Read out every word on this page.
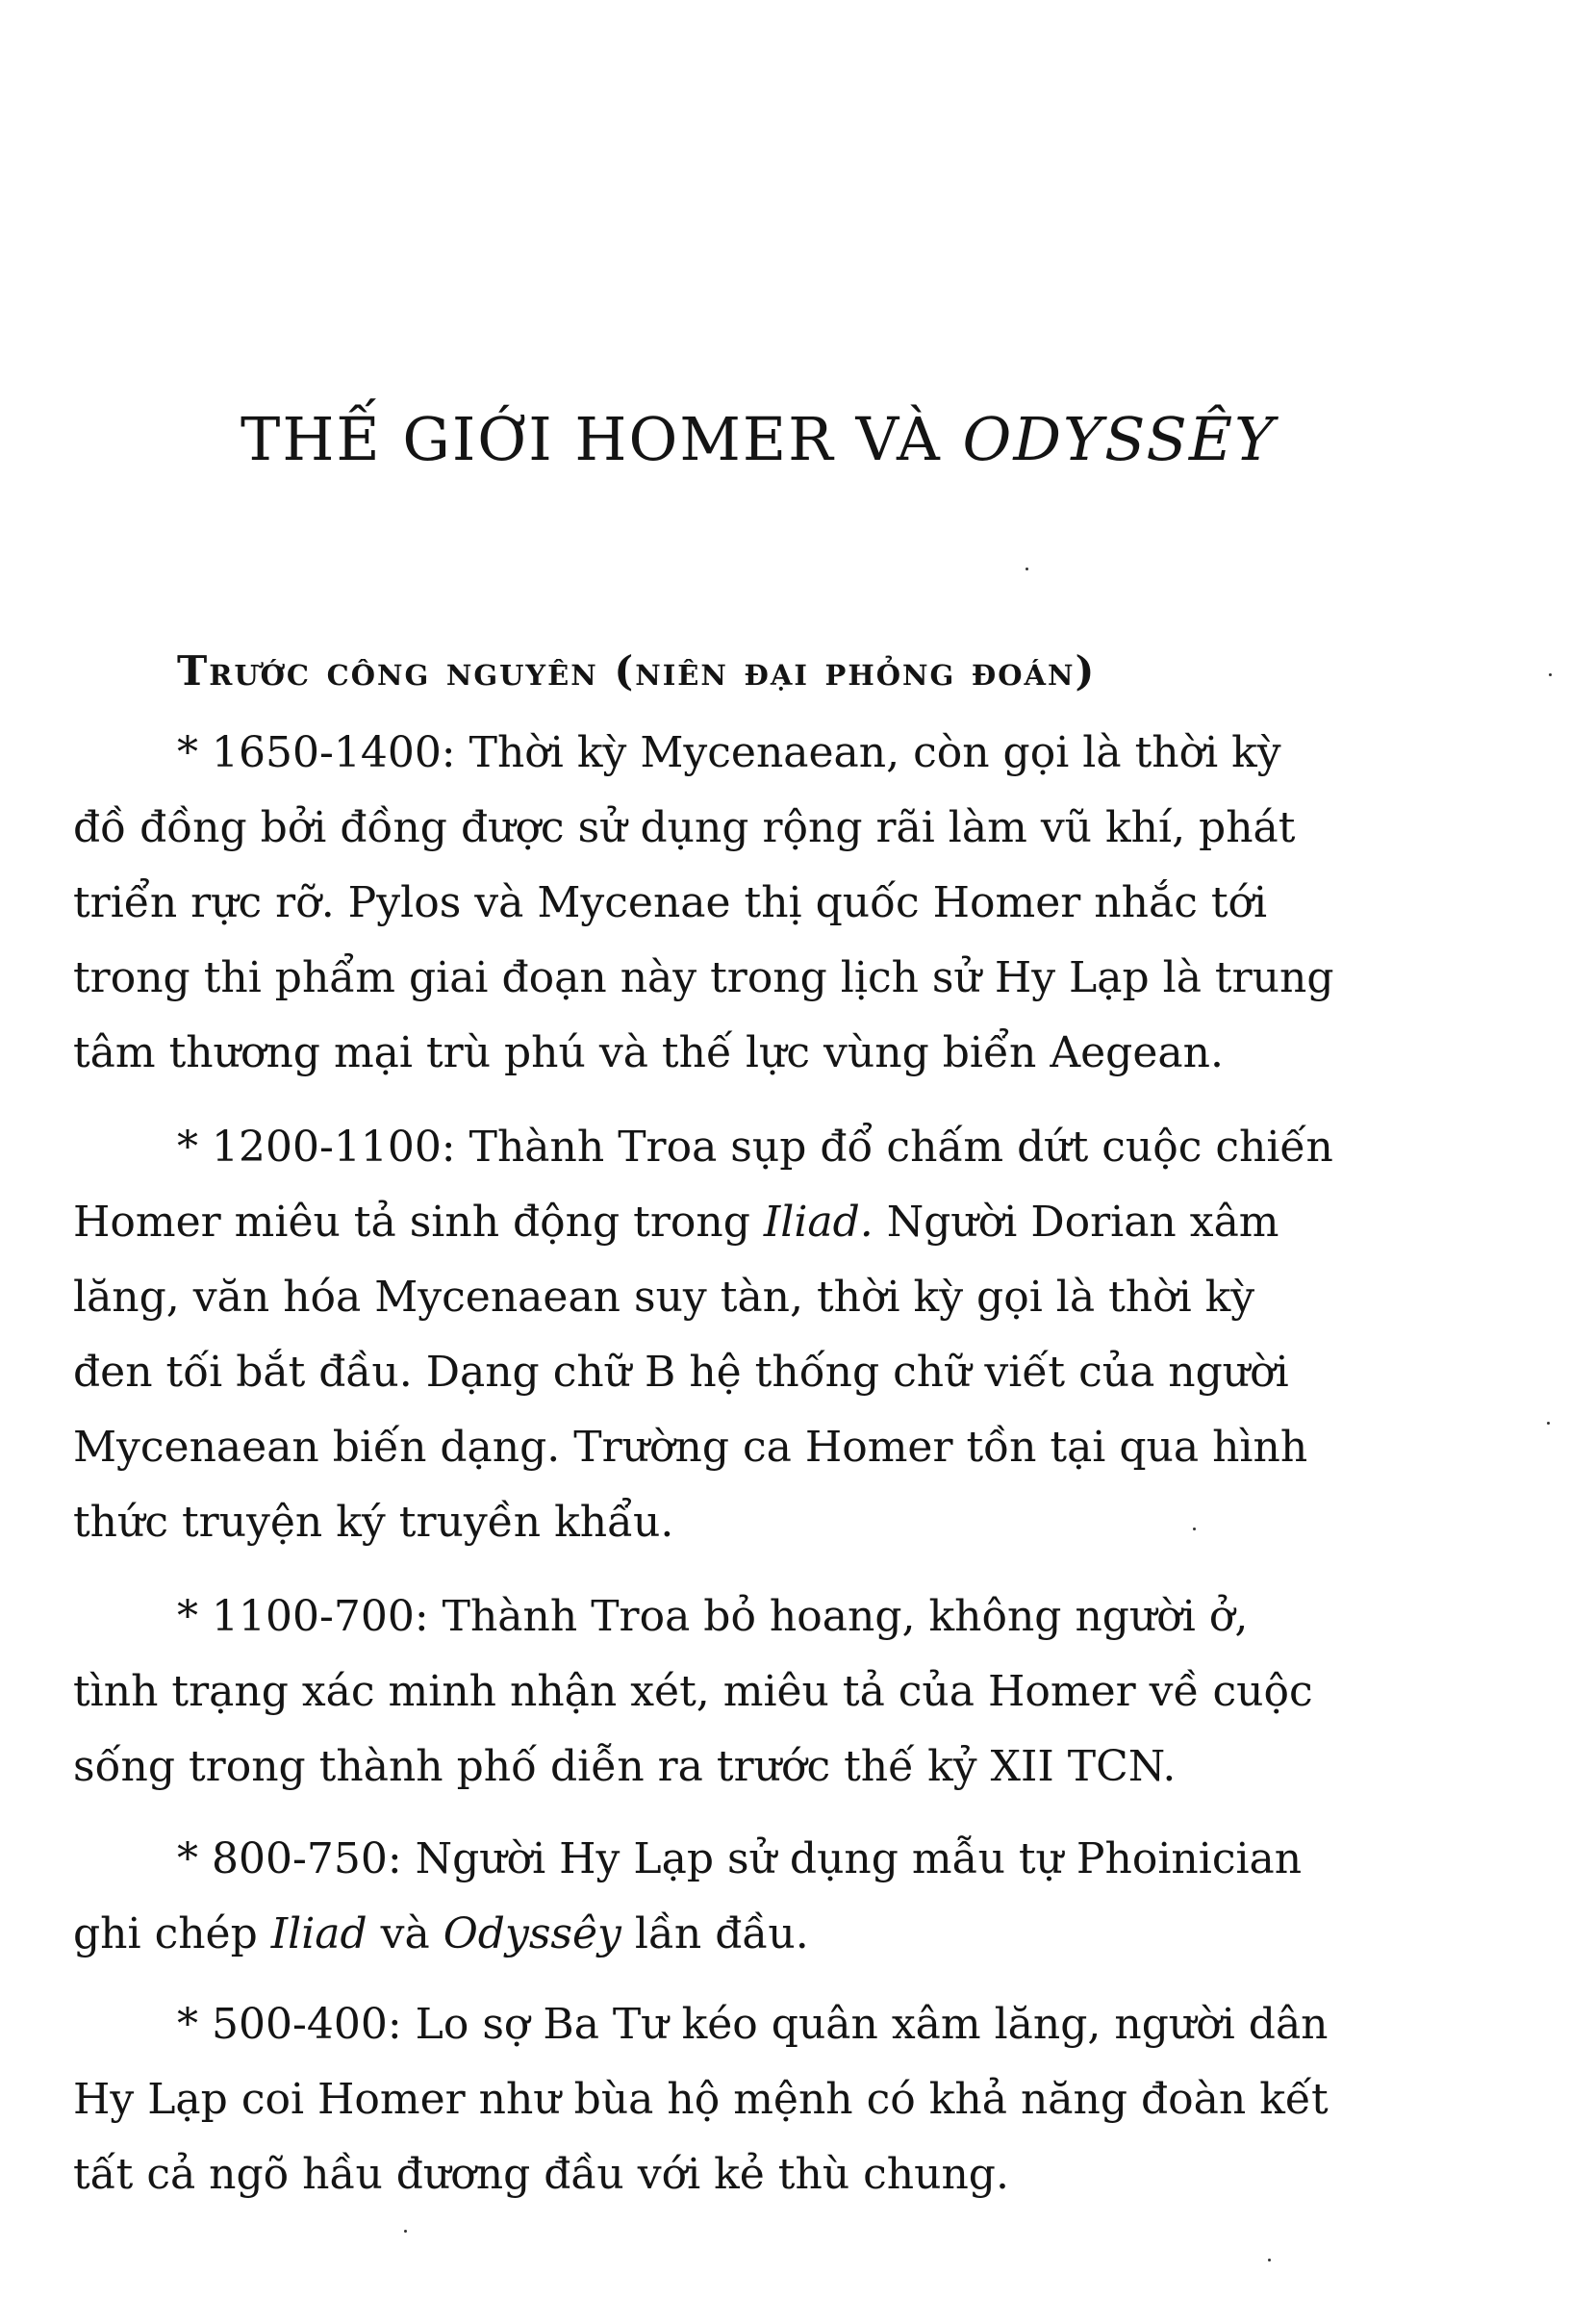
THẾ GIỚI HOMER VÀ ODYSSÊY
Trước công nguyên (niên đại phỏng đoán)
* 1650-1400: Thời kỳ Mycenaean, còn gọi là thời kỳ
đồ đồng bởi đồng được sử dụng rộng rãi làm vũ khí, phát
triển rực rỡ. Pylos và Mycenae thị quốc Homer nhắc tới
trong thi phẩm giai đoạn này trong lịch sử Hy Lạp là trung
tâm thương mại trù phú và thế lực vùng biển Aegean.
* 1200-1100: Thành Troa sụp đổ chấm dứt cuộc chiến
Homer miêu tả sinh động trong Iliad. Người Dorian xâm
lăng, văn hóa Mycenaean suy tàn, thời kỳ gọi là thời kỳ
đen tối bắt đầu. Dạng chữ B hệ thống chữ viết của người
Mycenaean biến dạng. Trường ca Homer tồn tại qua hình
thức truyện ký truyền khẩu.
* 1100-700: Thành Troa bỏ hoang, không người ở,
tình trạng xác minh nhận xét, miêu tả của Homer về cuộc
sống trong thành phố diễn ra trước thế kỷ XII TCN.
* 800-750: Người Hy Lạp sử dụng mẫu tự Phoinician
ghi chép Iliad và Odyssêy lần đầu.
* 500-400: Lo sợ Ba Tư kéo quân xâm lăng, người dân
Hy Lạp coi Homer như bùa hộ mệnh có khả năng đoàn kết
tất cả ngõ hầu đương đầu với kẻ thù chung.
